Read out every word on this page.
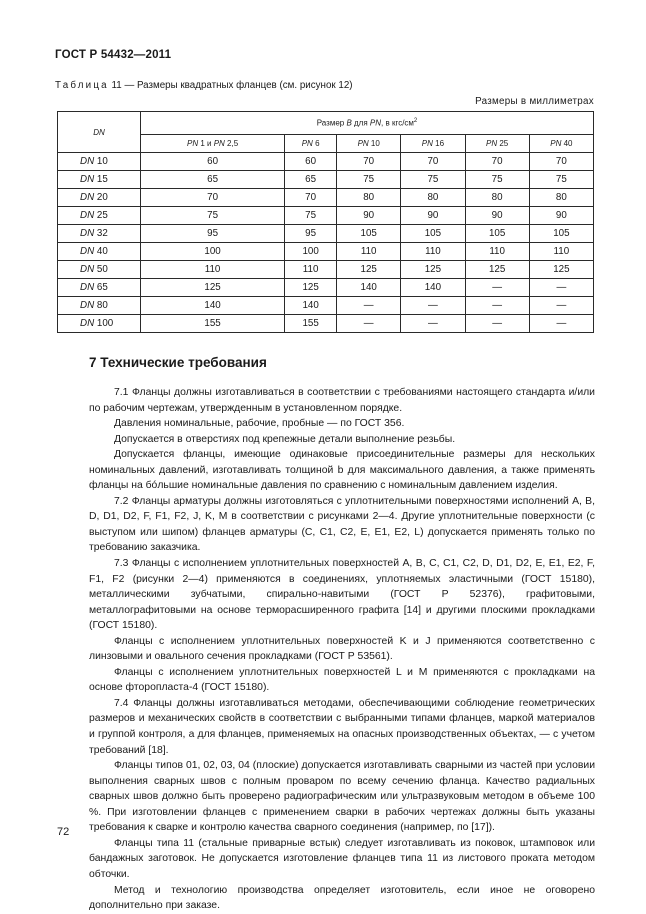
ГОСТ Р 54432—2011
Таблица 11 — Размеры квадратных фланцев (см. рисунок 12)
Размеры в миллиметрах
DN	Размер B для PN, в кгс/$см^2$
	PN 1 и PN 2,5	PN 6	PN 10	PN 16	PN 25	PN 40
DN 10	60	60	70	70	70	70
DN 15	65	65	75	75	75	75
DN 20	70	70	80	80	80	80
DN 25	75	75	90	90	90	90
DN 32	95	95	105	105	105	105
DN 40	100	100	110	110	110	110
DN 50	110	110	125	125	125	125
DN 65	125	125	140	140	—	—
DN 80	140	140	—	—	—	—
DN 100	155	155	—	—	—	—
7 Технические требования

7.1 Фланцы должны изготавливаться в соответствии с требованиями настоящего стандарта и/или по рабочим чертежам, утвержденным в установленном порядке.

Давления номинальные, рабочие, пробные — по ГОСТ 356.

Допускается в отверстиях под крепежные детали выполнение резьбы.

Допускается фланцы, имеющие одинаковые присоединительные размеры для нескольких номинальных давлений, изготавливать толщиной b для максимального давления, а также применять фланцы на бóльшие номинальные давления по сравнению с номинальным давлением изделия.

7.2 Фланцы арматуры должны изготовляться с уплотнительными поверхностями исполнений A, B, D, D1, D2, F, F1, F2, J, K, M в соответствии с рисунками 2—4. Другие уплотнительные поверхности (с выступом или шипом) фланцев арматуры (C, C1, C2, E, E1, E2, L) допускается применять только по требованию заказчика.

7.3 Фланцы с исполнением уплотнительных поверхностей A, B, C, C1, C2, D, D1, D2, E, E1, E2, F, F1, F2 (рисунки 2—4) применяются в соединениях, уплотняемых эластичными (ГОСТ 15180), металлическими зубчатыми, спирально-навитыми (ГОСТ Р 52376), графитовыми, металлографитовыми на основе терморасширенного графита [14] и другими плоскими прокладками (ГОСТ 15180).

Фланцы с исполнением уплотнительных поверхностей K и J применяются соответственно с линзовыми и овального сечения прокладками (ГОСТ Р 53561).

Фланцы с исполнением уплотнительных поверхностей L и M применяются с прокладками на основе фторопласта-4 (ГОСТ 15180).

7.4 Фланцы должны изготавливаться методами, обеспечивающими соблюдение геометрических размеров и механических свойств в соответствии с выбранными типами фланцев, маркой материалов и группой контроля, а для фланцев, применяемых на опасных производственных объектах, — с учетом требований [18].

Фланцы типов 01, 02, 03, 04 (плоские) допускается изготавливать сварными из частей при условии выполнения сварных швов с полным проваром по всему сечению фланца. Качество радиальных сварных швов должно быть проверено радиографическим или ультразвуковым методом в объеме 100 %. При изготовлении фланцев с применением сварки в рабочих чертежах должны быть указаны требования к сварке и контролю качества сварного соединения (например, по [17]).

Фланцы типа 11 (стальные приварные встык) следует изготавливать из поковок, штамповок или бандажных заготовок. Не допускается изготовление фланцев типа 11 из листового проката методом обточки.

Метод и технологию производства определяет изготовитель, если иное не оговорено дополнительно при заказе.

72
